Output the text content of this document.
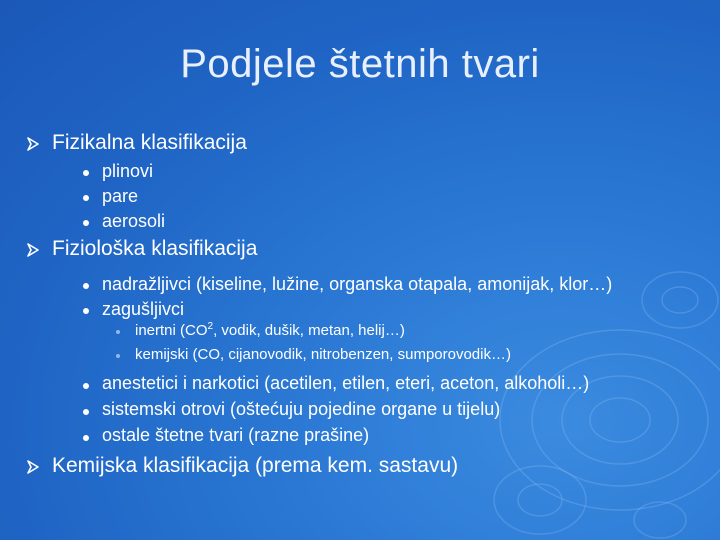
Podjele štetnih tvari
Fizikalna klasifikacija
plinovi
pare
aerosoli
Fiziološka klasifikacija
nadražljivci (kiseline, lužine, organska otapala, amonijak, klor…)
zagušljivci
inertni ($CO^2$, vodik, dušik, metan, helij…)
kemijski (CO, cijanovodik, nitrobenzen, sumporovodik…)
anestetici i narkotici (acetilen, etilen, eteri, aceton, alkoholi…)
sistemski otrovi (oštećuju pojedine organe u tijelu)
ostale štetne tvari (razne prašine)
Kemijska klasifikacija (prema kem. sastavu)
